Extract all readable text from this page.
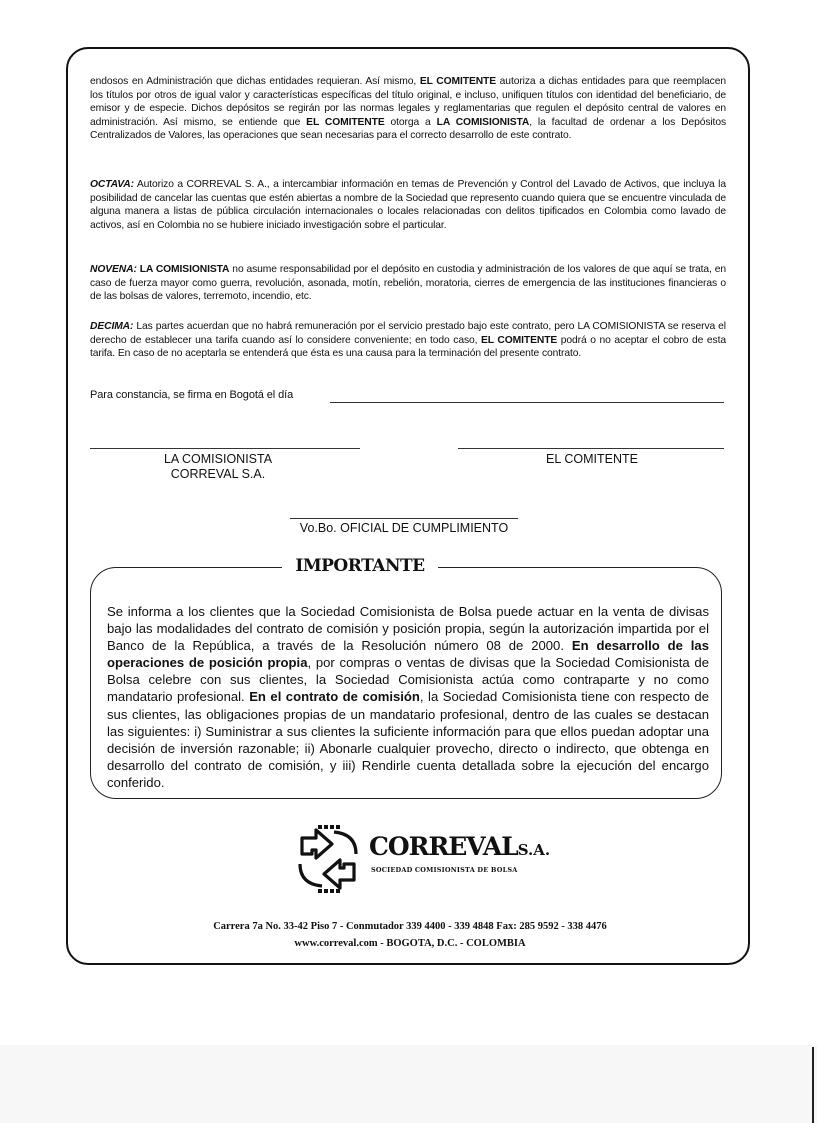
endosos en Administración que dichas entidades requieran. Así mismo, EL COMITENTE autoriza a dichas entidades para que reemplacen los títulos por otros de igual valor y características específicas del título original, e incluso, unifiquen títulos con identidad del beneficiario, de emisor y de especie. Dichos depósitos se regirán por las normas legales y reglamentarias que regulen el depósito central de valores en administración. Así mismo, se entiende que EL COMITENTE otorga a LA COMISIONISTA, la facultad de ordenar a los Depósitos Centralizados de Valores, las operaciones que sean necesarias para el correcto desarrollo de este contrato.
OCTAVA: Autorizo a CORREVAL S. A., a intercambiar información en temas de Prevención y Control del Lavado de Activos, que incluya la posibilidad de cancelar las cuentas que estén abiertas a nombre de la Sociedad que represento cuando quiera que se encuentre vinculada de alguna manera a listas de pública circulación internacionales o locales relacionadas con delitos tipificados en Colombia como lavado de activos, así en Colombia no se hubiere iniciado investigación sobre el particular.
NOVENA: LA COMISIONISTA no asume responsabilidad por el depósito en custodia y administración de los valores de que aquí se trata, en caso de fuerza mayor como guerra, revolución, asonada, motín, rebelión, moratoria, cierres de emergencia de las instituciones financieras o de las bolsas de valores, terremoto, incendio, etc.
DECIMA: Las partes acuerdan que no habrá remuneración por el servicio prestado bajo este contrato, pero LA COMISIONISTA se reserva el derecho de establecer una tarifa cuando así lo considere conveniente; en todo caso, EL COMITENTE podrá o no aceptar el cobro de esta tarifa. En caso de no aceptarla se entenderá que ésta es una causa para la terminación del presente contrato.
Para constancia, se firma en Bogotá el día
LA COMISIONISTA
CORREVAL S.A.
EL COMITENTE
Vo.Bo. OFICIAL DE CUMPLIMIENTO
IMPORTANTE
Se informa a los clientes que la Sociedad Comisionista de Bolsa puede actuar en la venta de divisas bajo las modalidades del contrato de comisión y posición propia, según la autorización impartida por el Banco de la República, a través de la Resolución número 08 de 2000. En desarrollo de las operaciones de posición propia, por compras o ventas de divisas que la Sociedad Comisionista de Bolsa celebre con sus clientes, la Sociedad Comisionista actúa como contraparte y no como mandatario profesional. En el contrato de comisión, la Sociedad Comisionista tiene con respecto de sus clientes, las obligaciones propias de un mandatario profesional, dentro de las cuales se destacan las siguientes: i) Suministrar a sus clientes la suficiente información para que ellos puedan adoptar una decisión de inversión razonable; ii) Abonarle cualquier provecho, directo o indirecto, que obtenga en desarrollo del contrato de comisión, y iii) Rendirle cuenta detallada sobre la ejecución del encargo conferido.
CORREVALS.A.
SOCIEDAD COMISIONISTA DE BOLSA
Carrera 7a No. 33-42 Piso 7 - Conmutador 339 4400 - 339 4848 Fax: 285 9592 - 338 4476
www.correval.com - BOGOTA, D.C. - COLOMBIA
